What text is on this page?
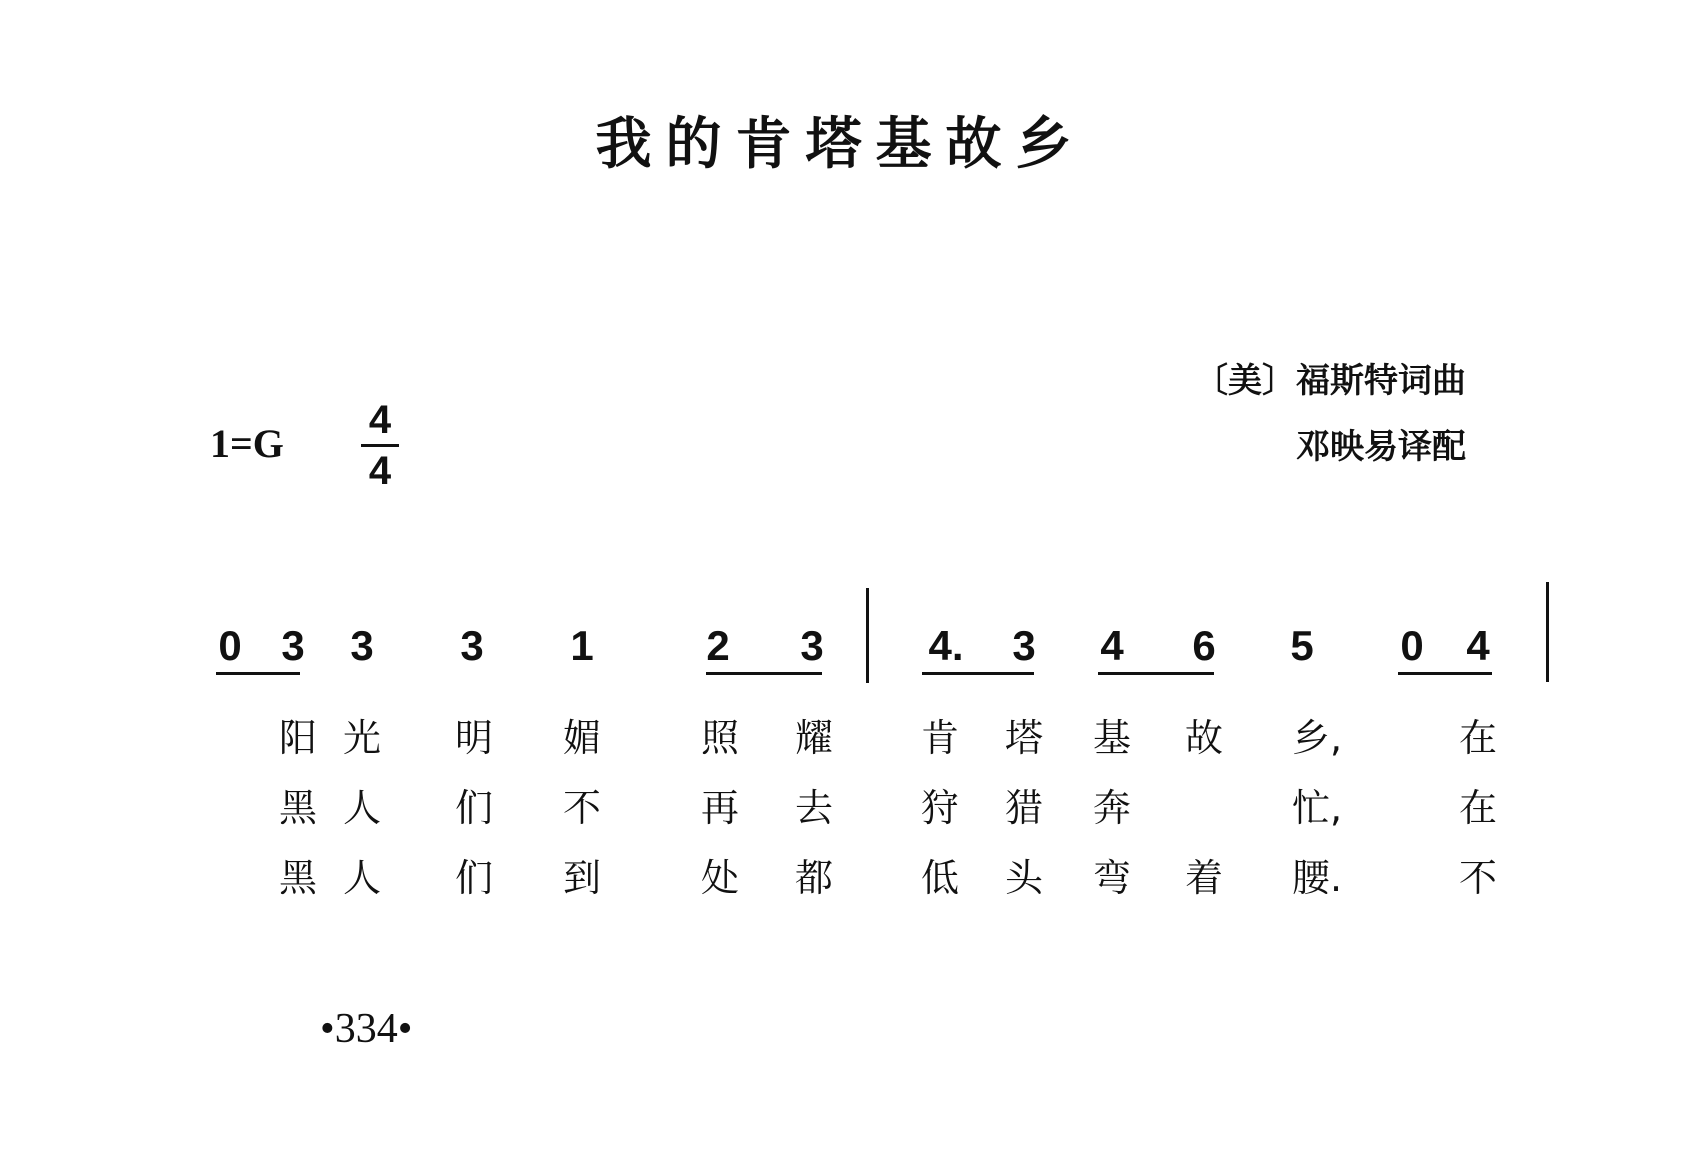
我的肯塔基故乡
〔美〕福斯特词曲
邓映易译配
1=G
4
4
0 3 3 3 1	2 3 4. 3 4 6 5 0 4
阳 光 明 媚	照 耀 肯 塔 基 故	乡,	在
黑 人 们 不	再 去 狩 猎 奔	忙,	在
黑 人 们 到	处 都 低 头 弯 着	腰.	不
•334•
